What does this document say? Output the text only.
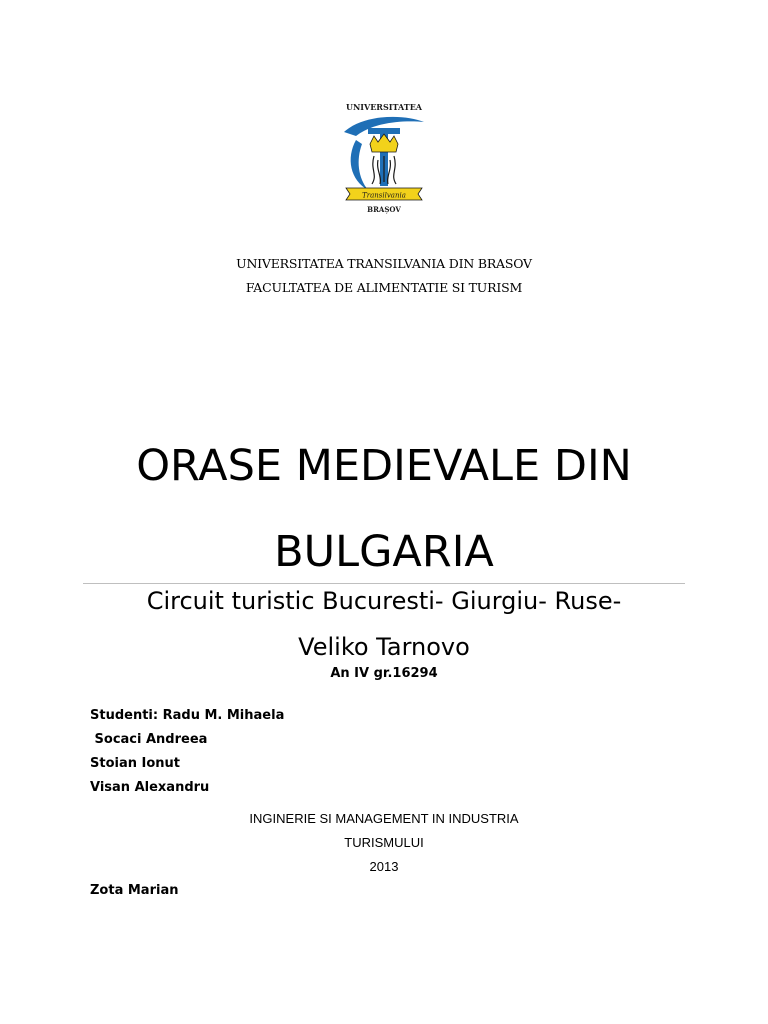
UNIVERSITATEA
Transilvania
BRAȘOV
UNIVERSITATEA TRANSILVANIA DIN BRASOV
FACULTATEA DE ALIMENTATIE SI TURISM
ORASE MEDIEVALE DIN
BULGARIA
Circuit turistic Bucuresti- Giurgiu- Ruse-
Veliko Tarnovo
An IV gr.16294
Studenti: Radu M. Mihaela
Socaci Andreea
Stoian Ionut
Visan Alexandru
INGINERIE SI MANAGEMENT IN INDUSTRIA
TURISMULUI
2013
Zota Marian
